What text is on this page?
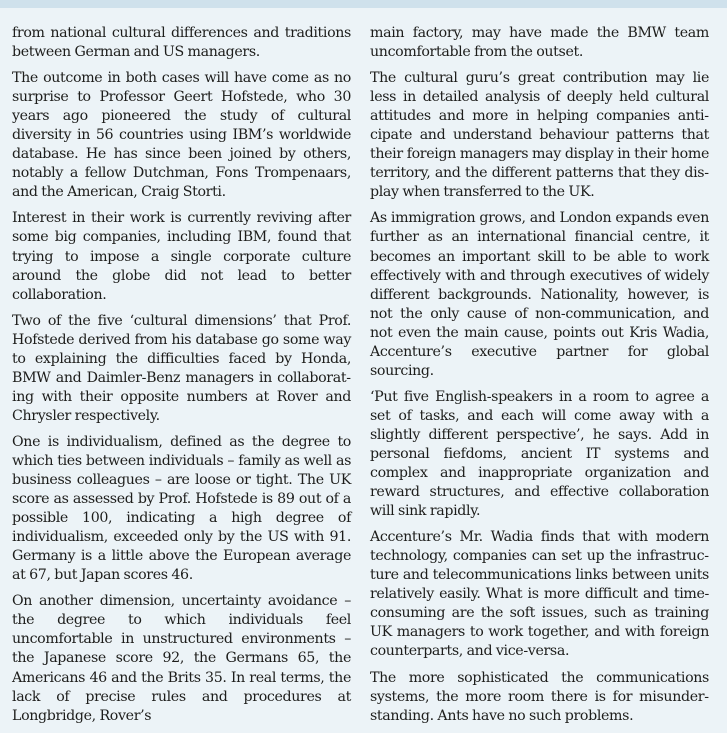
from national cultural differences and traditions between German and US managers.

The outcome in both cases will have come as no surprise to Professor Geert Hofstede, who 30 years ago pioneered the study of cultural diversity in 56 countries using IBM’s worldwide database. He has since been joined by others, notably a fellow Dutchman, Fons Trompenaars, and the American, Craig Storti.

Interest in their work is currently reviving after some big companies, including IBM, found that trying to impose a single corporate culture around the globe did not lead to better collaboration.

Two of the five ‘cultural dimensions’ that Prof. Hofstede derived from his database go some way to explaining the difficulties faced by Honda, BMW and Daimler-Benz managers in collaborating with their opposite numbers at Rover and Chrysler respectively.

One is individualism, defined as the degree to which ties between individuals – family as well as business colleagues – are loose or tight. The UK score as assessed by Prof. Hofstede is 89 out of a possible 100, indicating a high degree of individualism, exceeded only by the US with 91. Germany is a little above the European average at 67, but Japan scores 46.

On another dimension, uncertainty avoidance – the degree to which individuals feel uncomfortable in unstructured environments – the Japanese score 92, the Germans 65, the Americans 46 and the Brits 35. In real terms, the lack of precise rules and procedures at Longbridge, Rover’s

main factory, may have made the BMW team uncomfortable from the outset.

The cultural guru’s great contribution may lie less in detailed analysis of deeply held cultural attitudes and more in helping companies anticipate and understand behaviour patterns that their foreign managers may display in their home territory, and the different patterns that they display when transferred to the UK.

As immigration grows, and London expands even further as an international financial centre, it becomes an important skill to be able to work effectively with and through executives of widely different backgrounds. Nationality, however, is not the only cause of non-communication, and not even the main cause, points out Kris Wadia, Accenture’s executive partner for global sourcing.

‘Put five English-speakers in a room to agree a set of tasks, and each will come away with a slightly different perspective’, he says. Add in personal fiefdoms, ancient IT systems and complex and inappropriate organization and reward structures, and effective collaboration will sink rapidly.

Accenture’s Mr. Wadia finds that with modern technology, companies can set up the infrastructure and telecommunications links between units relatively easily. What is more difficult and time-consuming are the soft issues, such as training UK managers to work together, and with foreign counterparts, and vice-versa.

The more sophisticated the communications systems, the more room there is for misunderstanding. Ants have no such problems.
